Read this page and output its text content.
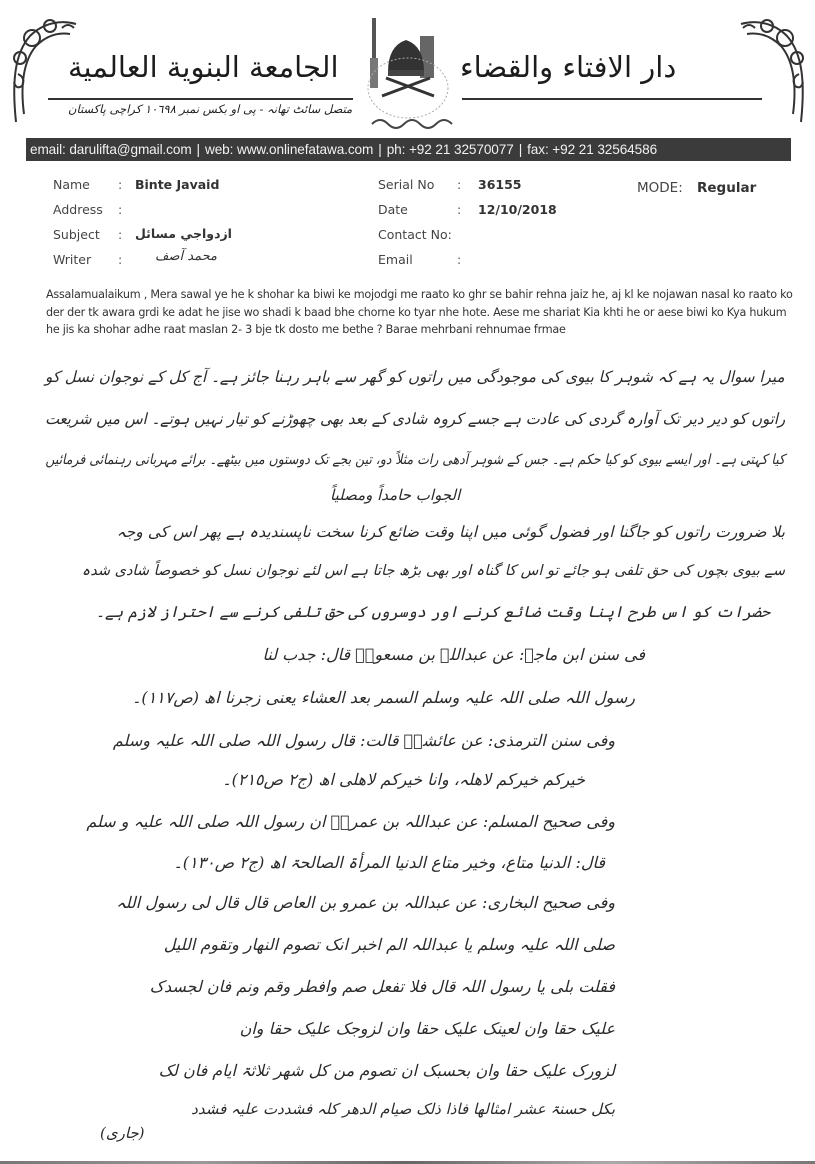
الجامعة البنوية العالمية	دار الافتاء والقضاء
متصل سائٹ تھانہ - پی او بکس نمبر ١٠٦٩٨ کراچی پاکستان
email: darulifta@gmail.com | web: www.onlinefatawa.com | ph: +92 21 32570077 | fax: +92 21 32564586
Name : Binte Javaid
Address :
Subject : ازدواجي مسائل
Writer :	محمد آصف
Serial No : 36155
Date	: 12/10/2018
Contact No:
Email	:
MODE: Regular
Assalamualaikum , Mera sawal ye he k shohar ka biwi ke mojodgi me raato ko ghr se bahir rehna jaiz he, aj kl ke nojawan nasal ko raato ko der der tk awara grdi ke adat he jise wo shadi k baad bhe chorne ko tyar nhe hote. Aese me shariat Kia khti he or aese biwi ko Kya hukum he jis ka shohar adhe raat maslan 2- 3 bje tk dosto me bethe ? Barae mehrbani rehnumae frmae
میرا سوال یہ ہے کہ شوہر کا بیوی کی موجودگی میں راتوں کو گھر سے باہر رہنا جائز ہے۔ آج کل کے نوجوان نسل کو
راتوں کو دیر دیر تک آوارہ گردی کی عادت ہے جسے کروہ شادی کے بعد بھی چھوڑنے کو تیار نہیں ہوتے۔ اس میں شریعت
کیا کہتی ہے۔ اور ایسے بیوی کو کیا حکم ہے۔ جس کے شوہر آدھی رات مثلاً دو، تین بجے تک دوستوں میں بیٹھے۔ برائے مہربانی رہنمائی فرمائیں
الجواب حامداً ومصلیاً
بلا ضرورت راتوں کو جاگنا اور فضول گوئی میں اپنا وقت ضائع کرنا سخت ناپسندیدہ ہے پھر اس کی وجہ
سے بیوی بچوں کی حق تلفی ہو جائے تو اس کا گناہ اور بھی بڑھ جاتا ہے اس لئے نوجوان نسل کو خصوصاً شادی شدہ
حضرات کو اس طرح اپنا وقت ضائع کرنے اور دوسروں کی حق تلفی کرنے سے احتراز لازم ہے۔
فی سنن ابن ماجۃ: عن عبداللہ بن مسعودؓ قال: جدب لنا
رسول اللہ صلی اللہ علیہ وسلم السمر بعد العشاء یعنی زجرنا اھ (ص١١٧)۔
وفی سنن الترمذی: عن عائشۃؓ قالت: قال رسول اللہ صلی اللہ علیہ وسلم
خیرکم خیرکم لاھلہ، وانا خیرکم لاھلی اھ (ج٢ ص٢١٥)۔
وفی صحیح المسلم: عن عبداللہ بن عمروؓ ان رسول اللہ صلی اللہ علیہ و سلم
قال: الدنیا متاع، وخیر متاع الدنیا المرأۃ الصالحۃ اھ (ج٢ ص١٣٠)۔
وفی صحیح البخاری: عن عبداللہ بن عمرو بن العاص قال قال لی رسول اللہ
صلی اللہ علیہ وسلم یا عبداللہ الم اخبر انک تصوم النھار وتقوم اللیل
فقلت بلی یا رسول اللہ قال فلا تفعل صم وافطر وقم ونم فان لجسدک
علیک حقا وان لعینک علیک حقا وان لزوجک علیک حقا وان
لزورک علیک حقا وان بحسبک ان تصوم من کل شھر ثلاثۃ ایام فان لک
بکل حسنۃ عشر امثالھا فاذا ذلک صیام الدھر کلہ فشددت علیہ فشدد
(جاری)
